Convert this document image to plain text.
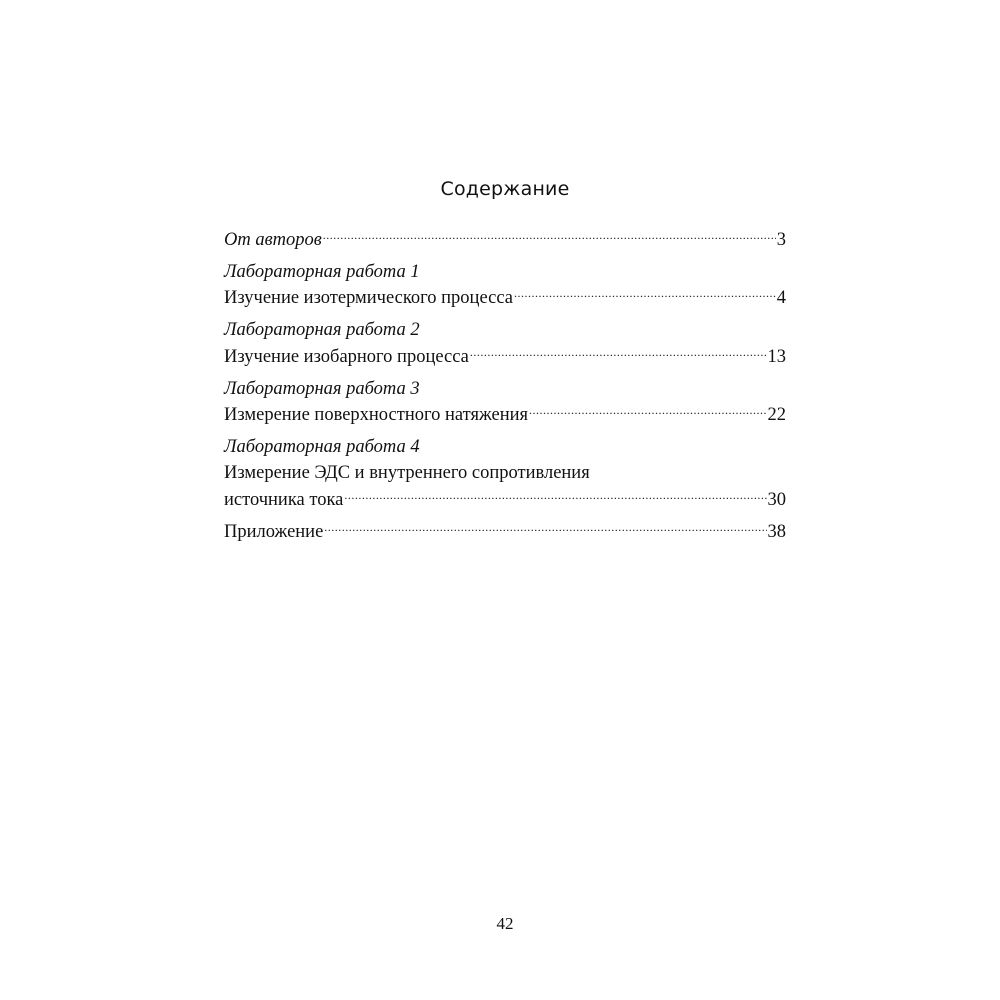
Содержание
От авторов .....	3
Лабораторная работа 1
Изучение изотермического процесса .....	4
Лабораторная работа 2
Изучение изобарного процесса .....	13
Лабораторная работа 3
Измерение поверхностного натяжения .....	22
Лабораторная работа 4
Измерение ЭДС и внутреннего сопротивления
источника тока .....	30
Приложение .....	38
42
